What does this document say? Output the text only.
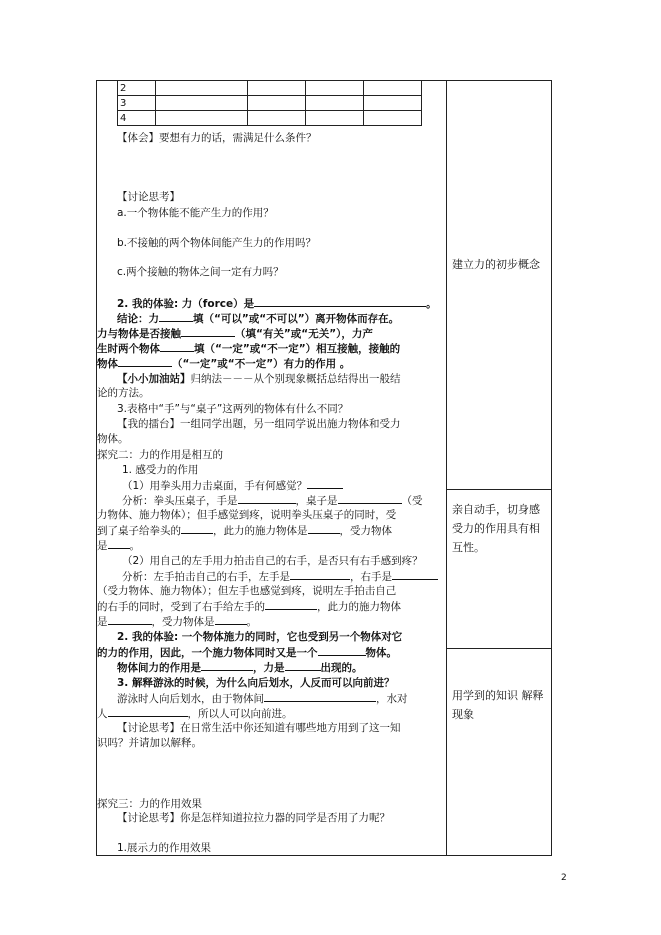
2				
3				
4				
【体会】要想有力的话，需满足什么条件？
【讨论思考】
a.一个物体能不能产生力的作用？
b.不接触的两个物体间能产生力的作用吗？
c.两个接触的物体之间一定有力吗？
2. 我的体验: 力（force）是	。
结论：力	填（“可以”或“不可以”）离开物体而存在。
力与物体是否接触	（填“有关”或“无关”），力产
生时两个物体	填（“一定”或“不一定”）相互接触，接触的
物体	（“一定”或“不一定”）有力的作用 。
【小小加油站】归纳法－－－从个别现象概括总结得出一般结
论的方法。
3.表格中“手”与“桌子”这两列的物体有什么不同？
【我的擂台】一组同学出题，另一组同学说出施力物体和受力
物体。
探究二：力的作用是相互的
1. 感受力的作用
（1）用拳头用力击桌面，手有何感觉？
分析：拳头压桌子，手是	，桌子是	（受
力物体、施力物体）；但手感觉到疼，说明拳头压桌子的同时，受
到了桌子给拳头的	，此力的施力物体是	，受力物体
是 。
（2）用自己的左手用力拍击自己的右手，是否只有右手感到疼？
分析：左手拍击自己的右手，左手是	，右手是
（受力物体、施力物体）；但左手也感觉到疼，说明左手拍击自己
的右手的同时，受到了右手给左手的	，此力的施力物体
是	，受力物体是	。
2. 我的体验: 一个物体施力的同时，它也受到另一个物体对它
的力的作用，因此，一个施力物体同时又是一个	物体。
物体间力的作用是	，力是	出现的。
3. 解释游泳的时候，为什么向后划水，人反而可以向前进？
游泳时人向后划水，由于物体间	，水对
人	，所以人可以向前进。
【讨论思考】在日常生活中你还知道有哪些地方用到了这一知
识吗？并请加以解释。
探究三：力的作用效果
【讨论思考】你是怎样知道拉拉力器的同学是否用了力呢？
1.展示力的作用效果
建立力的初步概念
亲自动手，切身感受力的作用具有相互性。
用学到的知识 解释现象
2
